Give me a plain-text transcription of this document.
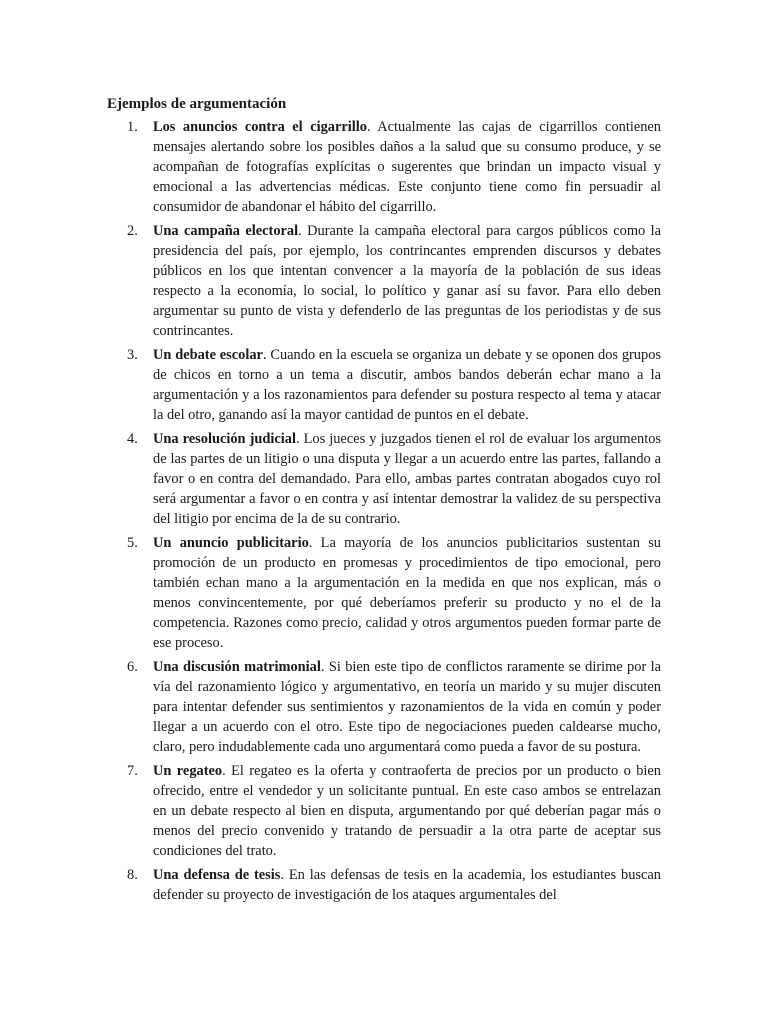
Ejemplos de argumentación
1. Los anuncios contra el cigarrillo. Actualmente las cajas de cigarrillos contienen mensajes alertando sobre los posibles daños a la salud que su consumo produce, y se acompañan de fotografías explícitas o sugerentes que brindan un impacto visual y emocional a las advertencias médicas. Este conjunto tiene como fin persuadir al consumidor de abandonar el hábito del cigarrillo.
2. Una campaña electoral. Durante la campaña electoral para cargos públicos como la presidencia del país, por ejemplo, los contrincantes emprenden discursos y debates públicos en los que intentan convencer a la mayoría de la población de sus ideas respecto a la economía, lo social, lo político y ganar así su favor. Para ello deben argumentar su punto de vista y defenderlo de las preguntas de los periodistas y de sus contrincantes.
3. Un debate escolar. Cuando en la escuela se organiza un debate y se oponen dos grupos de chicos en torno a un tema a discutir, ambos bandos deberán echar mano a la argumentación y a los razonamientos para defender su postura respecto al tema y atacar la del otro, ganando así la mayor cantidad de puntos en el debate.
4. Una resolución judicial. Los jueces y juzgados tienen el rol de evaluar los argumentos de las partes de un litigio o una disputa y llegar a un acuerdo entre las partes, fallando a favor o en contra del demandado. Para ello, ambas partes contratan abogados cuyo rol será argumentar a favor o en contra y así intentar demostrar la validez de su perspectiva del litigio por encima de la de su contrario.
5. Un anuncio publicitario. La mayoría de los anuncios publicitarios sustentan su promoción de un producto en promesas y procedimientos de tipo emocional, pero también echan mano a la argumentación en la medida en que nos explican, más o menos convincentemente, por qué deberíamos preferir su producto y no el de la competencia. Razones como precio, calidad y otros argumentos pueden formar parte de ese proceso.
6. Una discusión matrimonial. Si bien este tipo de conflictos raramente se dirime por la vía del razonamiento lógico y argumentativo, en teoría un marido y su mujer discuten para intentar defender sus sentimientos y razonamientos de la vida en común y poder llegar a un acuerdo con el otro. Este tipo de negociaciones pueden caldearse mucho, claro, pero indudablemente cada uno argumentará como pueda a favor de su postura.
7. Un regateo. El regateo es la oferta y contraoferta de precios por un producto o bien ofrecido, entre el vendedor y un solicitante puntual. En este caso ambos se entrelazan en un debate respecto al bien en disputa, argumentando por qué deberían pagar más o menos del precio convenido y tratando de persuadir a la otra parte de aceptar sus condiciones del trato.
8. Una defensa de tesis. En las defensas de tesis en la academia, los estudiantes buscan defender su proyecto de investigación de los ataques argumentales del
